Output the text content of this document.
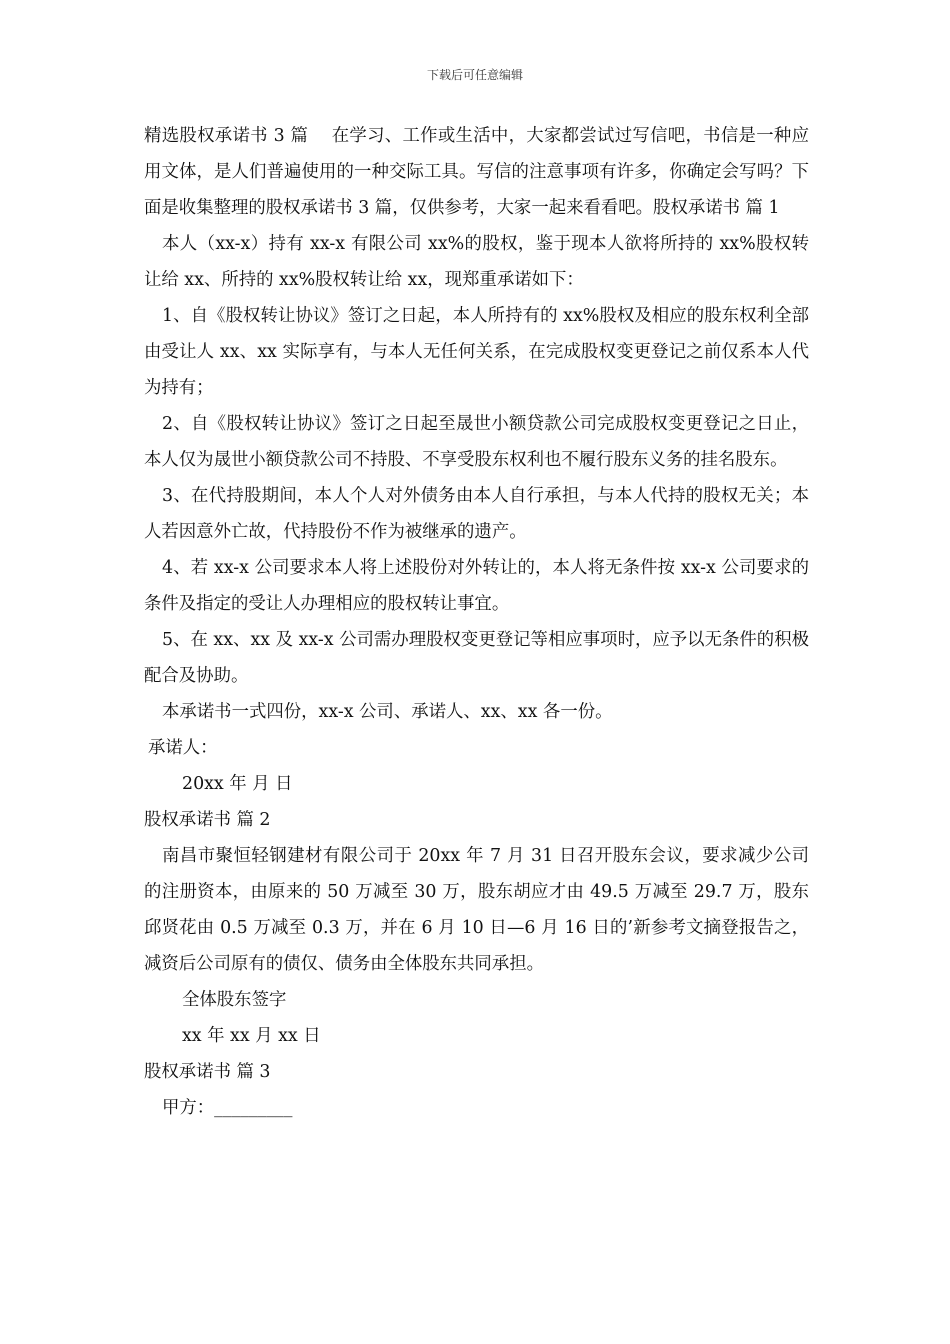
下载后可任意编辑

精选股权承诺书 3 篇　 在学习、工作或生活中，大家都尝试过写信吧，书信是一种应用文体，是人们普遍使用的一种交际工具。写信的注意事项有许多，你确定会写吗？下面是收集整理的股权承诺书 3 篇，仅供参考，大家一起来看看吧。股权承诺书 篇 1

本人（xx-x）持有 xx-x 有限公司 xx%的股权，鉴于现本人欲将所持的 xx%股权转让给 xx、所持的 xx%股权转让给 xx，现郑重承诺如下：

1、自《股权转让协议》签订之日起，本人所持有的 xx%股权及相应的股东权利全部由受让人 xx、xx 实际享有，与本人无任何关系，在完成股权变更登记之前仅系本人代为持有；

2、自《股权转让协议》签订之日起至晟世小额贷款公司完成股权变更登记之日止，本人仅为晟世小额贷款公司不持股、不享受股东权利也不履行股东义务的挂名股东。

3、在代持股期间，本人个人对外债务由本人自行承担，与本人代持的股权无关；本人若因意外亡故，代持股份不作为被继承的遗产。

4、若 xx-x 公司要求本人将上述股份对外转让的，本人将无条件按 xx-x 公司要求的条件及指定的受让人办理相应的股权转让事宜。

5、在 xx、xx 及 xx-x 公司需办理股权变更登记等相应事项时，应予以无条件的积极配合及协助。

本承诺书一式四份，xx-x 公司、承诺人、xx、xx 各一份。

承诺人：

20xx 年 月 日

股权承诺书 篇 2

南昌市聚恒轻钢建材有限公司于 20xx 年 7 月 31 日召开股东会议，要求减少公司的注册资本，由原来的 50 万减至 30 万，股东胡应才由 49.5 万减至 29.7 万，股东邱贤花由 0.5 万减至 0.3 万，并在 6 月 10 日—6 月 16 日的’新参考文摘登报告之，减资后公司原有的债仅、债务由全体股东共同承担。

全体股东签字

xx 年 xx 月 xx 日

股权承诺书 篇 3

甲方：_________
